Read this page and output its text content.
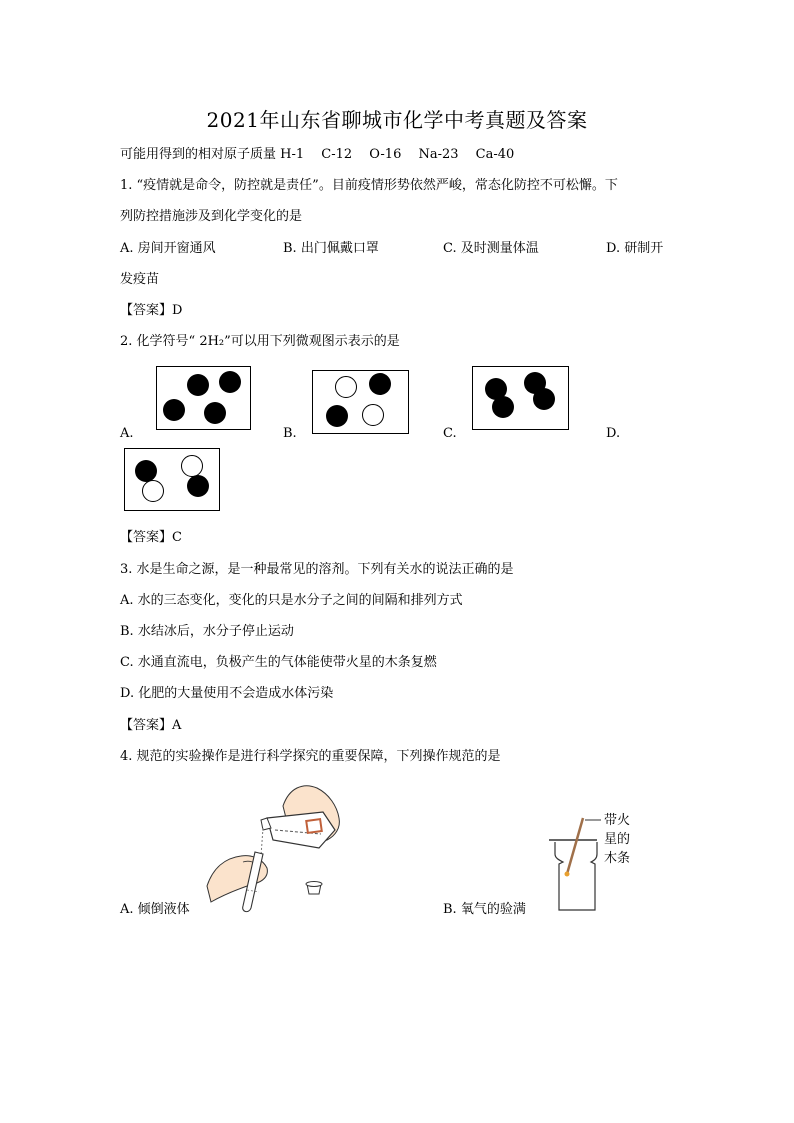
2021年山东省聊城市化学中考真题及答案
可能用得到的相对原子质量 H-1　 C-12　 O-16　 Na-23　 Ca-40
1. “疫情就是命令，防控就是责任”。目前疫情形势依然严峻，常态化防控不可松懈。下
列防控措施涉及到化学变化的是
A. 房间开窗通风	B. 出门佩戴口罩	C. 及时测量体温	D. 研制开
发疫苗
【答案】D
2. 化学符号“ 2H₂”可以用下列微观图示表示的是
A.	B.	C.	D.
【答案】C
3. 水是生命之源，是一种最常见的溶剂。下列有关水的说法正确的是
A. 水的三态变化，变化的只是水分子之间的间隔和排列方式
B. 水结冰后，水分子停止运动
C. 水通直流电，负极产生的气体能使带火星的木条复燃
D. 化肥的大量使用不会造成水体污染
【答案】A
4. 规范的实验操作是进行科学探究的重要保障，下列操作规范的是
A. 倾倒液体
带火
星的
木条
B. 氧气的验满
